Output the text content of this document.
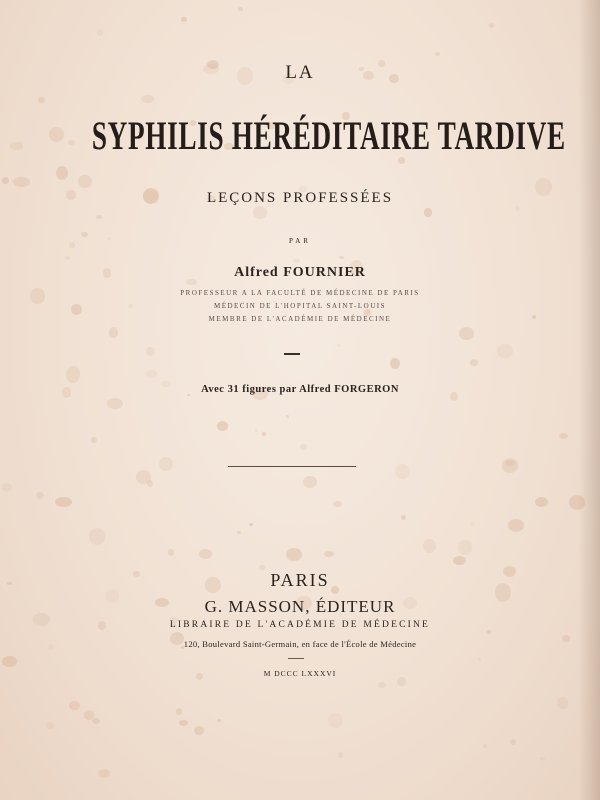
LA
SYPHILIS HÉRÉDITAIRE TARDIVE
LEÇONS PROFESSÉES
PAR
Alfred FOURNIER
PROFESSEUR A LA FACULTÉ DE MÉDECINE DE PARIS
MÉDECIN DE L'HOPITAL SAINT-LOUIS
MEMBRE DE L'ACADÉMIE DE MÉDECINE
Avec 31 figures par Alfred FORGERON
PARIS
G. MASSON, ÉDITEUR
LIBRAIRE DE L'ACADÉMIE DE MÉDECINE
120, Boulevard Saint-Germain, en face de l'École de Médecine
M DCCC LXXXVI
